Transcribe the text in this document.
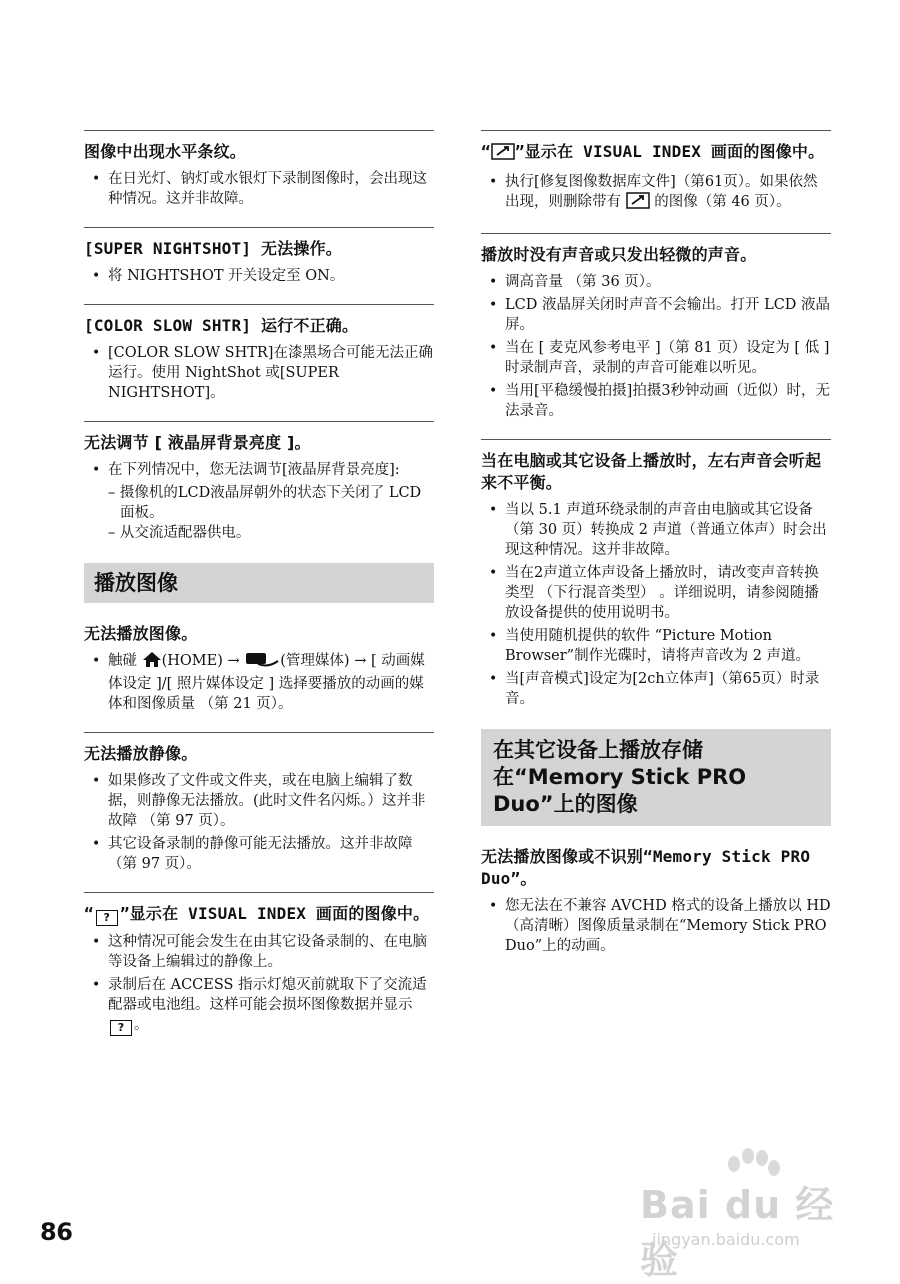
图像中出现水平条纹。
• 在日光灯、钠灯或水银灯下录制图像时，会出现这种情况。这并非故障。
[SUPER NIGHTSHOT] 无法操作。
• 将 NIGHTSHOT 开关设定至 ON。
[COLOR SLOW SHTR] 运行不正确。
• [COLOR SLOW SHTR]在漆黑场合可能无法正确运行。使用 NightShot 或[SUPER NIGHTSHOT]。
无法调节 [ 液晶屏背景亮度 ]。
• 在下列情况中，您无法调节[液晶屏背景亮度]:
– 摄像机的LCD液晶屏朝外的状态下关闭了 LCD 面板。
– 从交流适配器供电。
播放图像
无法播放图像。
• 触碰 (HOME) → (管理媒体) → [ 动画媒体设定 ]/[ 照片媒体设定 ] 选择要播放的动画的媒体和图像质量 （第 21 页）。
无法播放静像。
• 如果修改了文件或文件夹，或在电脑上编辑了数据，则静像无法播放。(此时文件名闪烁。）这并非故障 （第 97 页）。
• 其它设备录制的静像可能无法播放。这并非故障 （第 97 页）。
“ ? ”显示在 VISUAL INDEX 画面的图像中。
• 这种情况可能会发生在由其它设备录制的、在电脑等设备上编辑过的静像上。
• 录制后在 ACCESS 指示灯熄灭前就取下了交流适配器或电池组。这样可能会损坏图像数据并显示 ? 。
“ ”显示在 VISUAL INDEX 画面的图像中。
• 执行[修复图像数据库文件]（第61页）。如果依然出现，则删除带有  的图像（第 46 页）。
播放时没有声音或只发出轻微的声音。
• 调高音量 （第 36 页）。
• LCD 液晶屏关闭时声音不会输出。打开 LCD 液晶屏。
• 当在 [ 麦克风参考电平 ]（第 81 页）设定为 [ 低 ] 时录制声音，录制的声音可能难以听见。
• 当用[平稳缓慢拍摄]拍摄3秒钟动画（近似）时，无法录音。
当在电脑或其它设备上播放时，左右声音会听起来不平衡。
• 当以 5.1 声道环绕录制的声音由电脑或其它设备（第 30 页）转换成 2 声道（普通立体声）时会出现这种情况。这并非故障。
• 当在2声道立体声设备上播放时，请改变声音转换类型 （下行混音类型） 。详细说明，请参阅随播放设备提供的使用说明书。
• 当使用随机提供的软件 “Picture Motion Browser”制作光碟时，请将声音改为 2 声道。
• 当[声音模式]设定为[2ch立体声]（第65页）时录音。
在其它设备上播放存储在“Memory Stick PRO Duo”上的图像
无法播放图像或不识别“Memory Stick PRO Duo”。
• 您无法在不兼容 AVCHD 格式的设备上播放以 HD （高清晰）图像质量录制在“Memory Stick PRO Duo”上的动画。
86
Bai du 经验
jingyan.baidu.com
